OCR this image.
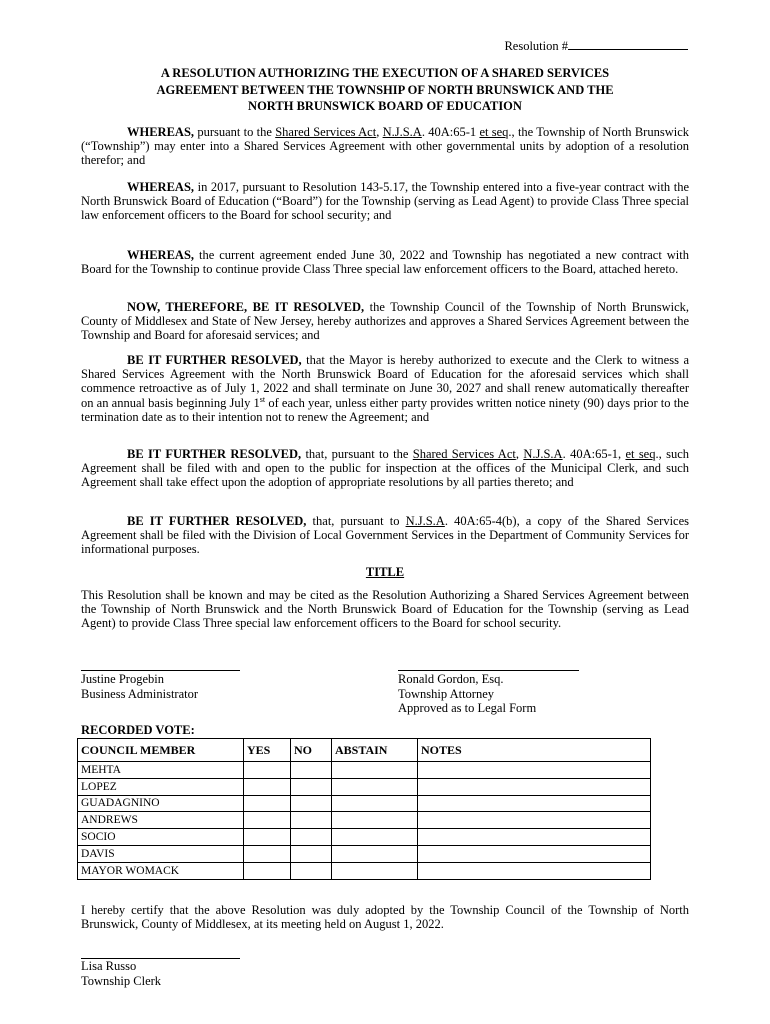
Resolution #
A RESOLUTION AUTHORIZING THE EXECUTION OF A SHARED SERVICES
AGREEMENT BETWEEN THE TOWNSHIP OF NORTH BRUNSWICK AND THE
NORTH BRUNSWICK BOARD OF EDUCATION
WHEREAS, pursuant to the Shared Services Act, N.J.S.A. 40A:65-1 et seq., the Township of North Brunswick (“Township”) may enter into a Shared Services Agreement with other governmental units by adoption of a resolution therefor; and
WHEREAS, in 2017, pursuant to Resolution 143-5.17, the Township entered into a five-year contract with the North Brunswick Board of Education (“Board”) for the Township (serving as Lead Agent) to provide Class Three special law enforcement officers to the Board for school security; and
WHEREAS, the current agreement ended June 30, 2022 and Township has negotiated a new contract with Board for the Township to continue provide Class Three special law enforcement officers to the Board, attached hereto.
NOW, THEREFORE, BE IT RESOLVED, the Township Council of the Township of North Brunswick, County of Middlesex and State of New Jersey, hereby authorizes and approves a Shared Services Agreement between the Township and Board for aforesaid services; and
BE IT FURTHER RESOLVED, that the Mayor is hereby authorized to execute and the Clerk to witness a Shared Services Agreement with the North Brunswick Board of Education for the aforesaid services which shall commence retroactive as of July 1, 2022 and shall terminate on June 30, 2027 and shall renew automatically thereafter on an annual basis beginning July 1st of each year, unless either party provides written notice ninety (90) days prior to the termination date as to their intention not to renew the Agreement; and
BE IT FURTHER RESOLVED, that, pursuant to the Shared Services Act, N.J.S.A. 40A:65-1, et seq., such Agreement shall be filed with and open to the public for inspection at the offices of the Municipal Clerk, and such Agreement shall take effect upon the adoption of appropriate resolutions by all parties thereto; and
BE IT FURTHER RESOLVED, that, pursuant to N.J.S.A. 40A:65-4(b), a copy of the Shared Services Agreement shall be filed with the Division of Local Government Services in the Department of Community Services for informational purposes.
TITLE
This Resolution shall be known and may be cited as the Resolution Authorizing a Shared Services Agreement between the Township of North Brunswick and the North Brunswick Board of Education for the Township (serving as Lead Agent) to provide Class Three special law enforcement officers to the Board for school security.
Justine Progebin
Business Administrator
Ronald Gordon, Esq.
Township Attorney
Approved as to Legal Form
RECORDED VOTE:
COUNCIL MEMBER	YES	NO	ABSTAIN	NOTES
MEHTA				
LOPEZ				
GUADAGNINO				
ANDREWS				
SOCIO				
DAVIS				
MAYOR WOMACK				
I hereby certify that the above Resolution was duly adopted by the Township Council of the Township of North Brunswick, County of Middlesex, at its meeting held on August 1, 2022.
Lisa Russo
Township Clerk
